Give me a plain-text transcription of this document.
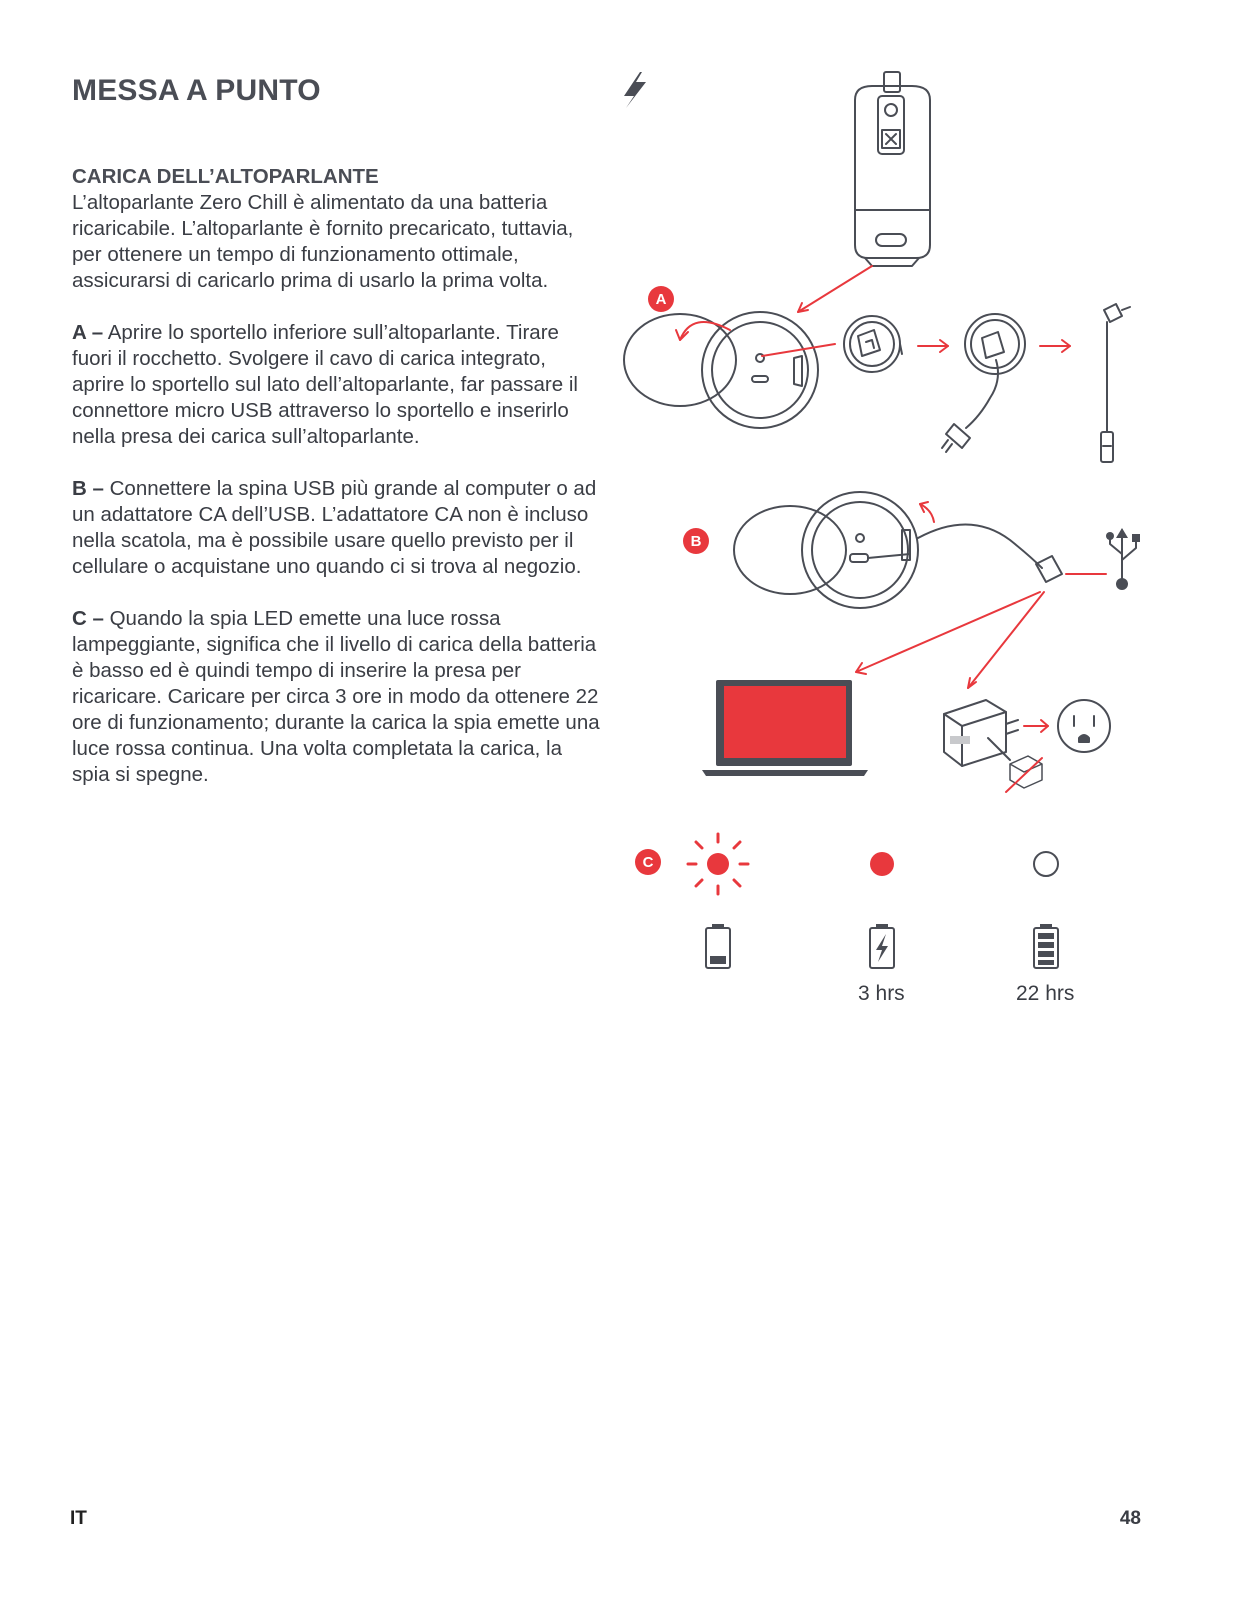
MESSA A PUNTO
CARICA DELL’ALTOPARLANTE
L’altoparlante Zero Chill è alimentato da una batteria ricaricabile. L’altoparlante è fornito precaricato, tuttavia, per ottenere un tempo di funzionamento ottimale, assicurarsi di caricarlo prima di usarlo la prima volta.
A – Aprire lo sportello inferiore sull’altoparlante. Tirare fuori il rocchetto. Svolgere il cavo di carica integrato, aprire lo sportello sul lato dell’altoparlante, far passare il connettore micro USB attraverso lo sportello e inserirlo nella presa dei carica sull’altoparlante.
B – Connettere la spina USB più grande al computer o ad un adattatore CA dell’USB. L’adattatore CA non è incluso nella scatola, ma è possibile usare quello previsto per il cellulare o acquistane uno quando ci si trova al negozio.
C – Quando la spia LED emette una luce rossa lampeggiante, significa che il livello di carica della batteria è basso ed è quindi tempo di inserire la presa per ricaricare. Caricare per circa 3 ore in modo da ottenere 22 ore di funzionamento; durante la carica la spia emette una luce rossa continua. Una volta completata la carica, la spia si spegne.
A
B
C
3 hrs	22 hrs
IT	48
